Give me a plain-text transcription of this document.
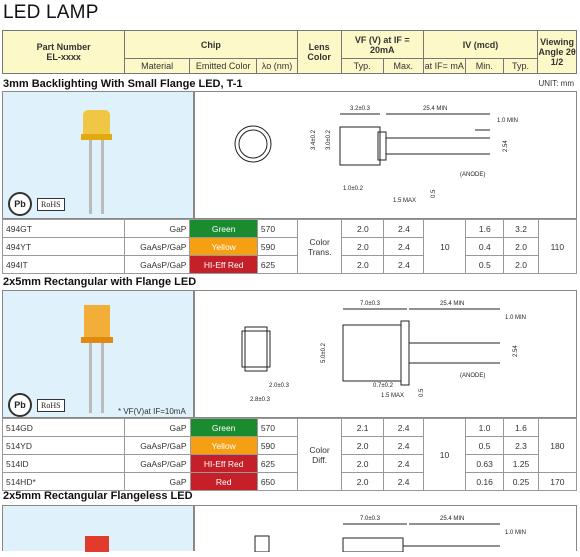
LED LAMP
Part Number
EL-xxxx	Chip			Lens Color	VF (V) at IF = 20mA		IV (mcd)			Viewing Angle 2θ 1/2
	Material	Emitted Color	λo (nm)		Typ.	Max.	at IF= mA	Min.	Typ.	
3mm Backlighting With Small Flange LED, T-1	UNIT: mm
Pb	RoHS
3.2±0.3	25.4 MIN
1.0 MIN
3.4±0.2 3.0±0.2	2.54
(ANODE)
1.0±0.2
1.5 MAX
0.5
494GT	GaP	Green	570	Color Trans.	2.0	2.4	10	1.6	3.2	110
494YT	GaAsP/GaP	Yellow	590		2.0	2.4		0.4	2.0	
494IT	GaAsP/GaP	HI-Eff Red	625		2.0	2.4		0.5	2.0	
2x5mm Rectangular with Flange LED
Pb	RoHS
* VF(V)at IF=10mA
7.0±0.3	25.4 MIN
1.0 MIN
5.0±0.2	2.54
0.7±0.2
1.5 MAX
(ANODE)
0.5
2.0±0.3
2.8±0.3
514GD	GaP	Green	570	Color Diff.	2.1	2.4	10	1.0	1.6	180
514YD	GaAsP/GaP	Yellow	590		2.0	2.4		0.5	2.3	
514ID	GaAsP/GaP	HI-Eff Red	625		2.0	2.4		0.63	1.25	
514HD*	GaP	Red	650		2.0	2.4		0.16	0.25	170
2x5mm Rectangular Flangeless LED
7.0±0.3	25.4 MIN
1.0 MIN
